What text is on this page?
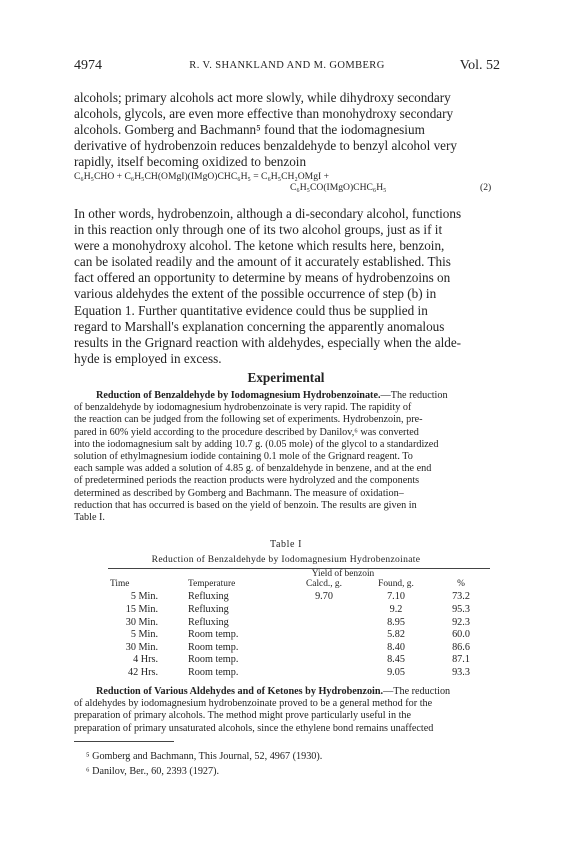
4974	R. V. SHANKLAND AND M. GOMBERG	Vol. 52
alcohols; primary alcohols act more slowly, while dihydroxy secondary
alcohols, glycols, are even more effective than monohydroxy secondary
alcohols. Gomberg and Bachmann⁵ found that the iodomagnesium
derivative of hydrobenzoin reduces benzaldehyde to benzyl alcohol very
rapidly, itself becoming oxidized to benzoin
C₆H₅CHO + C₆H₅CH(OMgI)(IMgO)CHC₆H₅ = C₆H₅CH₂OMgI +
C₆H₅CO(IMgO)CHC₆H₅	(2)
In other words, hydrobenzoin, although a di-secondary alcohol, functions
in this reaction only through one of its two alcohol groups, just as if it
were a monohydroxy alcohol. The ketone which results here, benzoin,
can be isolated readily and the amount of it accurately established. This
fact offered an opportunity to determine by means of hydrobenzoins on
various aldehydes the extent of the possible occurrence of step (b) in
Equation 1. Further quantitative evidence could thus be supplied in
regard to Marshall's explanation concerning the apparently anomalous
results in the Grignard reaction with aldehydes, especially when the alde-
hyde is employed in excess.
Experimental
Reduction of Benzaldehyde by Iodomagnesium Hydrobenzoinate.—The reduction
of benzaldehyde by iodomagnesium hydrobenzoinate is very rapid. The rapidity of
the reaction can be judged from the following set of experiments. Hydrobenzoin, pre-
pared in 60% yield according to the procedure described by Danilov,⁶ was converted
into the iodomagnesium salt by adding 10.7 g. (0.05 mole) of the glycol to a standardized
solution of ethylmagnesium iodide containing 0.1 mole of the Grignard reagent. To
each sample was added a solution of 4.85 g. of benzaldehyde in benzene, and at the end
of predetermined periods the reaction products were hydrolyzed and the components
determined as described by Gomberg and Bachmann. The measure of oxidation–
reduction that has occurred is based on the yield of benzoin. The results are given in
Table I.
Table I
Reduction of Benzaldehyde by Iodomagnesium Hydrobenzoinate
Yield of benzoin
Time	Temperature	Calcd., g.	Found, g.	%
5 Min.	Refluxing	9.70	7.10	73.2
15 Min.	Refluxing		9.2	95.3
30 Min.	Refluxing		8.95	92.3
5 Min.	Room temp.		5.82	60.0
30 Min.	Room temp.		8.40	86.6
4 Hrs.	Room temp.		8.45	87.1
42 Hrs.	Room temp.		9.05	93.3
Reduction of Various Aldehydes and of Ketones by Hydrobenzoin.—The reduction
of aldehydes by iodomagnesium hydrobenzoinate proved to be a general method for the
preparation of primary alcohols. The method might prove particularly useful in the
preparation of primary unsaturated alcohols, since the ethylene bond remains unaffected
⁵ Gomberg and Bachmann, This Journal, 52, 4967 (1930).
⁶ Danilov, Ber., 60, 2393 (1927).
